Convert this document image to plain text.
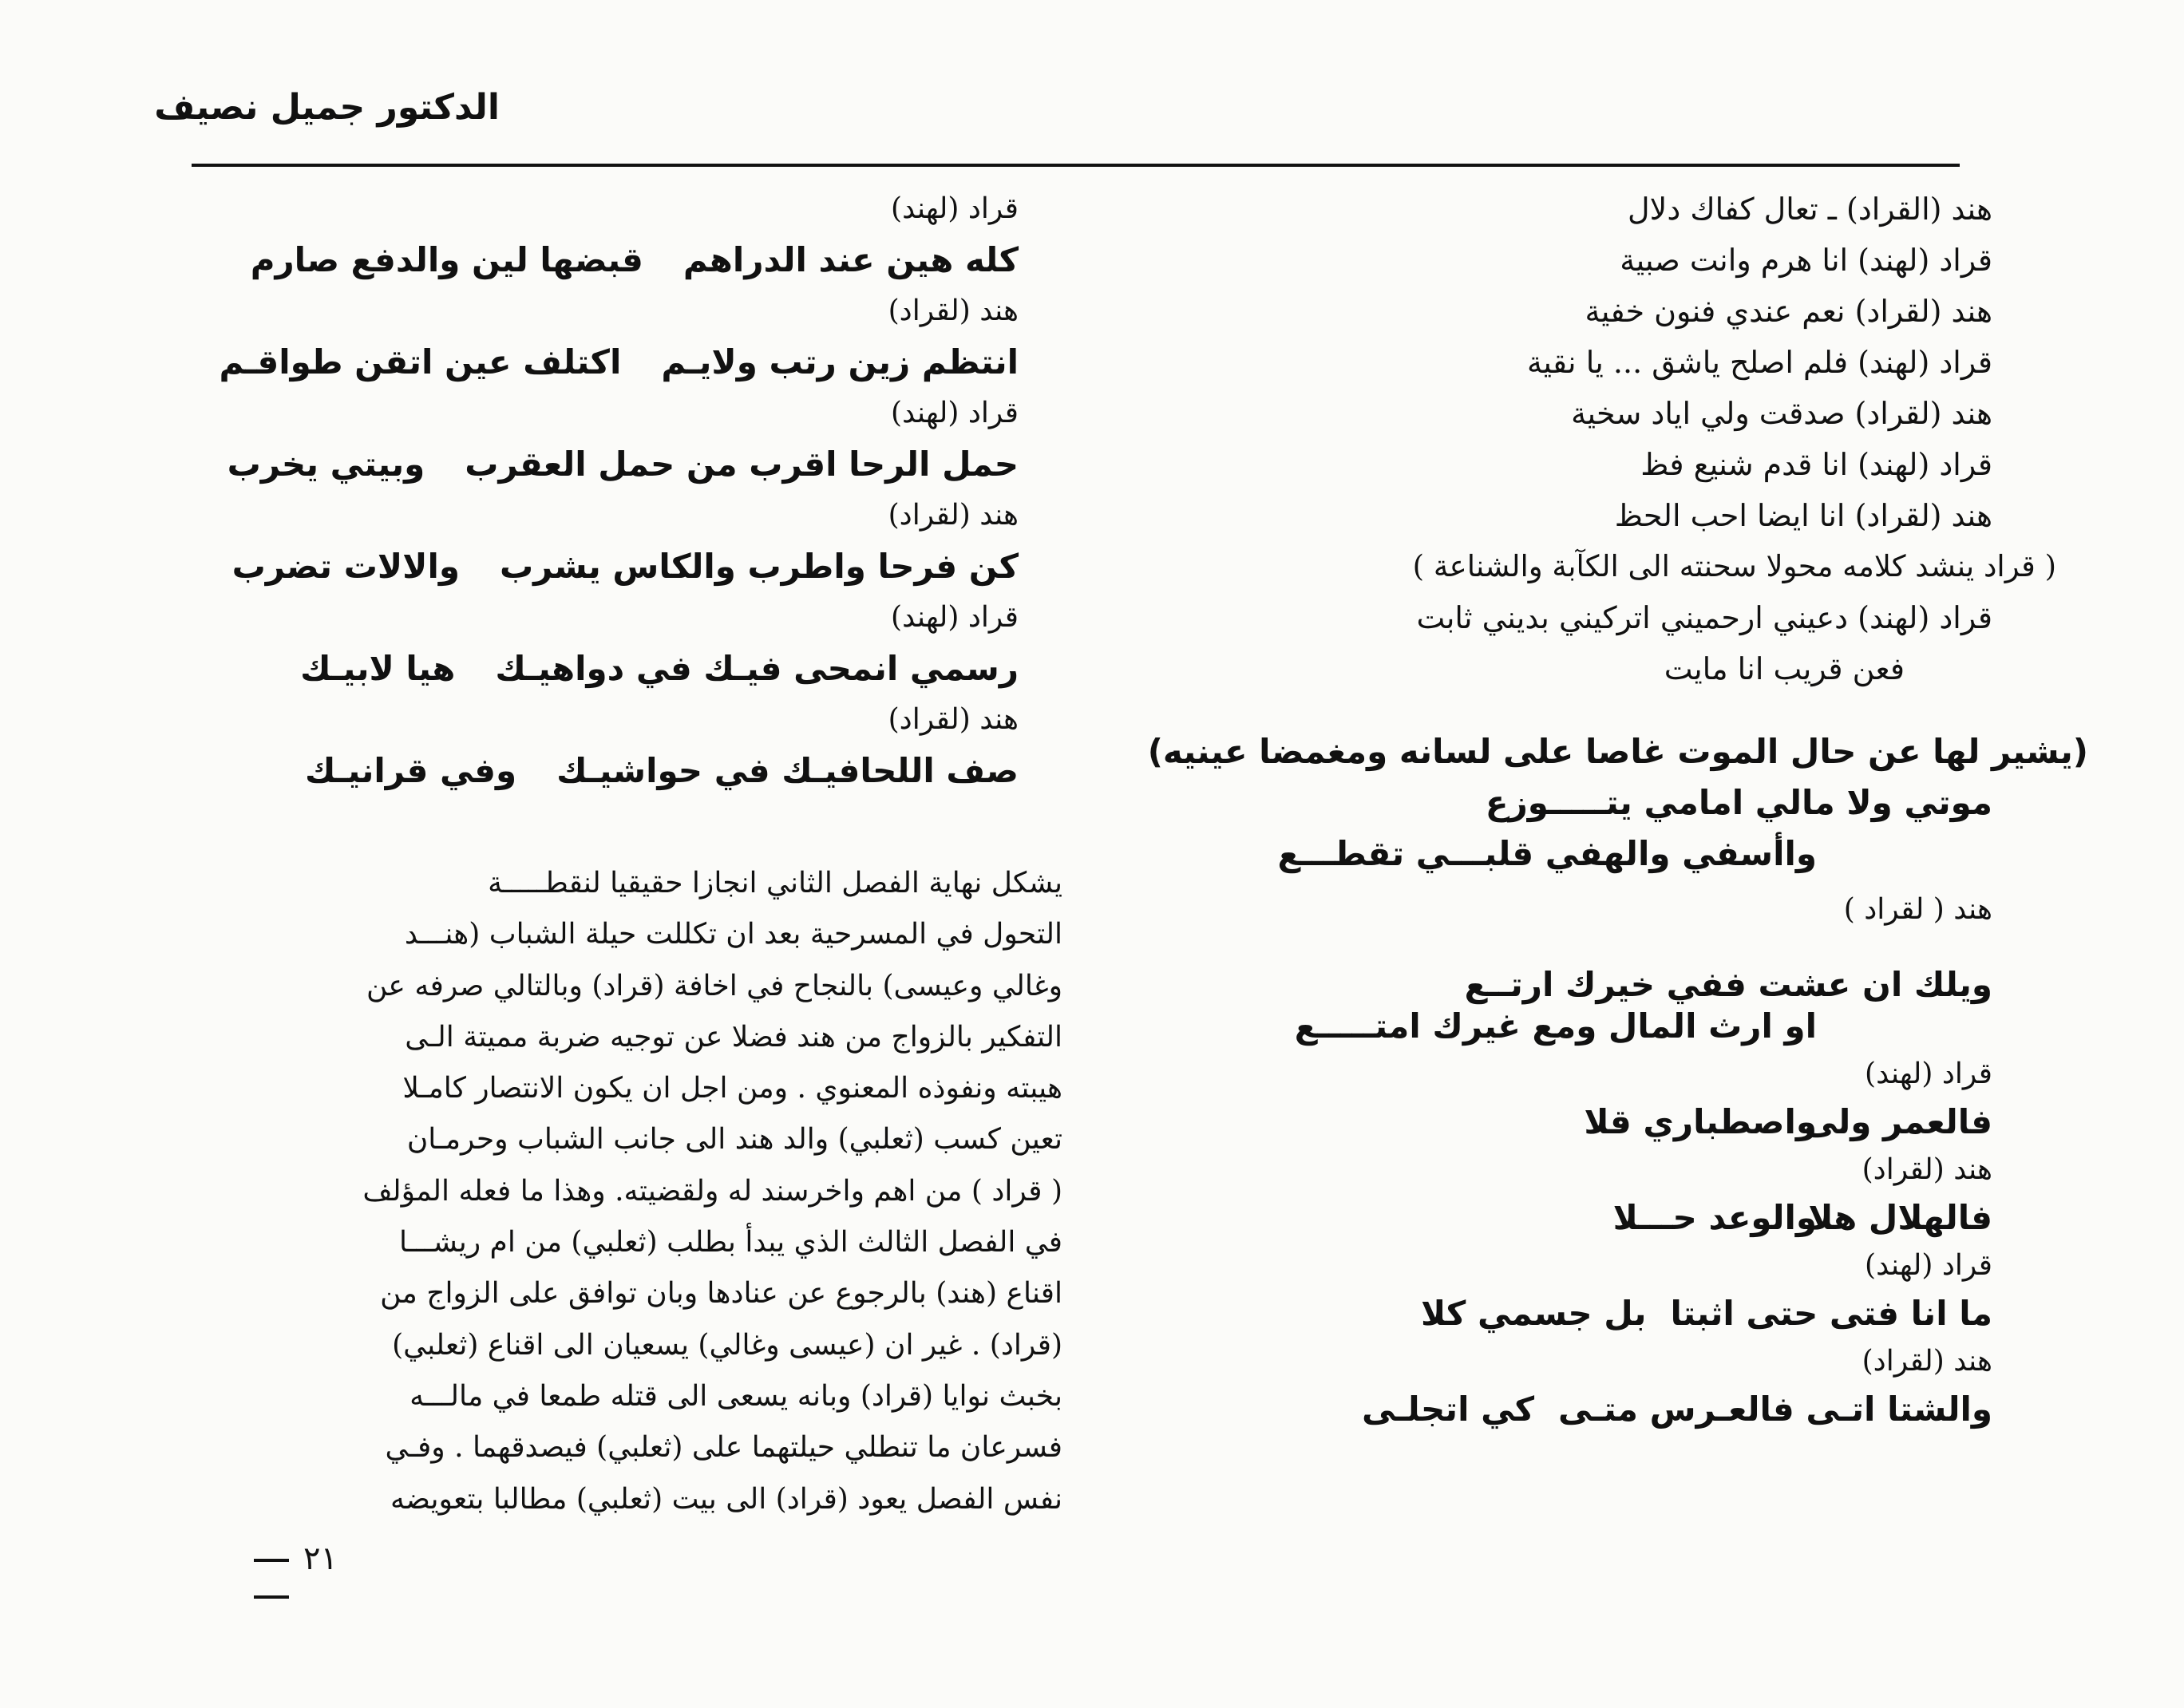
الدكتور جميل نصيف
قراد (لهند)
كله هين عند الدراهمقبضها لين والدفع صارم
هند (لقراد)
انتظم زين رتب ولايـماكتلف عين اتقن طواقـم
قراد (لهند)
حمل الرحا اقرب من حمل العقربوبيتي يخرب
هند (لقراد)
كن فرحا واطرب والكاس يشربوالالات تضرب
قراد (لهند)
رسمي انمحى فيـك في دواهيـكهيا لابيـك
هند (لقراد)
صف اللحافيـك في حواشيـكوفي قرانيـك
يشكل نهاية الفصل الثاني انجازا حقيقيا لنقطـــــة
التحول في المسرحية بعد ان تكللت حيلة الشباب (هنـــد
وغالي وعيسى) بالنجاح في اخافة (قراد) وبالتالي صرفه عن
التفكير بالزواج من هند فضلا عن توجيه ضربة مميتة الـى
هيبته ونفوذه المعنوي . ومن اجل ان يكون الانتصار كامـلا
تعين كسب (ثعلبي) والد هند الى جانب الشباب وحرمـان
( قراد ) من اهم واخرسند له ولقضيته. وهذا ما فعله المؤلف
في الفصل الثالث الذي يبدأ بطلب (ثعلبي) من ام ريشـــا
اقناع (هند) بالرجوع عن عنادها وبان توافق على الزواج من
(قراد) . غير ان (عيسى وغالي) يسعيان الى اقناع (ثعلبي)
بخبث نوايا (قراد) وبانه يسعى الى قتله طمعا في مالـــه
فسرعان ما تنطلي حيلتهما على (ثعلبي) فيصدقهما . وفـي
نفس الفصل يعود (قراد) الى بيت (ثعلبي) مطالبا بتعويضه
هند (القراد) ـ تعال كفاك دلال
قراد (لهند) انا هرم وانت صبية
هند (لقراد) نعم عندي فنون خفية
قراد (لهند) فلم اصلح ياشق ... يا نقية
هند (لقراد) صدقت ولي اياد سخية
قراد (لهند) انا قدم شنيع فظ
هند (لقراد) انا ايضا احب الحظ
( قراد ينشد كلامه محولا سحنته الى الكآبة والشناعة )
قراد (لهند) دعيني ارحميني اتركيني بديني ثابت
فعن قريب انا مايت
(يشير لها عن حال الموت غاصا على لسانه ومغمضا عينيه)
موتي ولا مالي امامي يتـــــوزع
واأسفي والهفي قلبـــي تقطـــع
هند ( لقراد )
ويلك ان عشت ففي خيرك ارتــع
او ارث المال ومع غيرك امتـــــع
قراد (لهند)
فالعمر ولىواصطباري قلا
هند (لقراد)
فالهلال هلاوالوعد حـــلا
قراد (لهند)
ما انا فتى حتى اثبتابل جسمي كلا
هند (لقراد)
والشتا اتـى فالعـرس متـىكي اتجلـى
٢١
